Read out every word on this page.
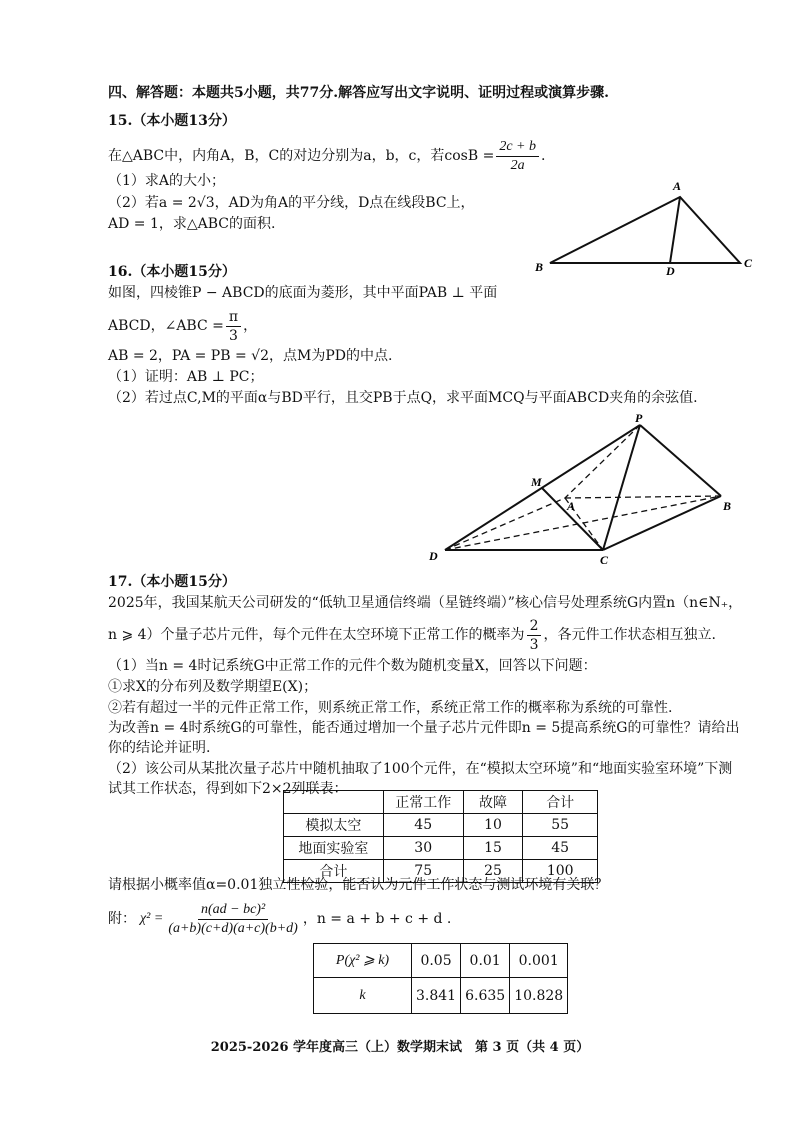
四、解答题：本题共5小题，共77分.解答应写出文字说明、证明过程或演算步骤.
15.（本小题13分）
在△ABC中，内角A，B，C的对边分别为a，b，c，若$\cos B = \frac{2c + b}{2a}$ .
（1）求A的大小；
（2）若a = 2√3，AD为角A的平分线，D点在线段BC上，
AD = 1，求△ABC的面积.
A
B	C
D
16.（本小题15分）
如图，四棱锥P − ABCD的底面为菱形，其中平面PAB ⊥ 平面
ABCD，∠ABC = $\frac{\pi}{3}$ ，
AB = 2，PA = PB = √2，点M为PD的中点.
（1）证明：AB ⊥ PC；
（2）若过点C,M的平面α与BD平行，且交PB于点Q，求平面MCQ与平面ABCD夹角的余弦值.
P
M
A	B
C
D
17.（本小题15分）
2025年，我国某航天公司研发的“低轨卫星通信终端（星链终端）”核心信号处理系统G内置n（n∈N₊，
n ⩾ 4）个量子芯片元件，每个元件在太空环境下正常工作的概率为 $\frac{2}{3}$ ，各元件工作状态相互独立.
（1）当n = 4时记系统G中正常工作的元件个数为随机变量X，回答以下问题：
①求X的分布列及数学期望E(X)；
②若有超过一半的元件正常工作，则系统正常工作，系统正常工作的概率称为系统的可靠性.
为改善n = 4时系统G的可靠性，能否通过增加一个量子芯片元件即n = 5提高系统G的可靠性？请给出
你的结论并证明.
（2）该公司从某批次量子芯片中随机抽取了100个元件，在“模拟太空环境”和“地面实验室环境”下测
试其工作状态，得到如下2×2列联表：
	正常工作	故障	合计
模拟太空	45	10	55
地面实验室	30	15	45
合计	75	25	100
请根据小概率值α=0.01独立性检验，能否认为元件工作状态与测试环境有关联？
附： $\chi^2 = \frac{\text{n(ad − bc)²}}{(a+b)(c+d)(a+c)(b+d)}$ ，n = a + b + c + d .
P(χ² ⩾ k)	0.05	0.01	0.001
k	3.841	6.635	10.828
2025-2026 学年度高三（上）数学期末试　第 3 页（共 4 页）
